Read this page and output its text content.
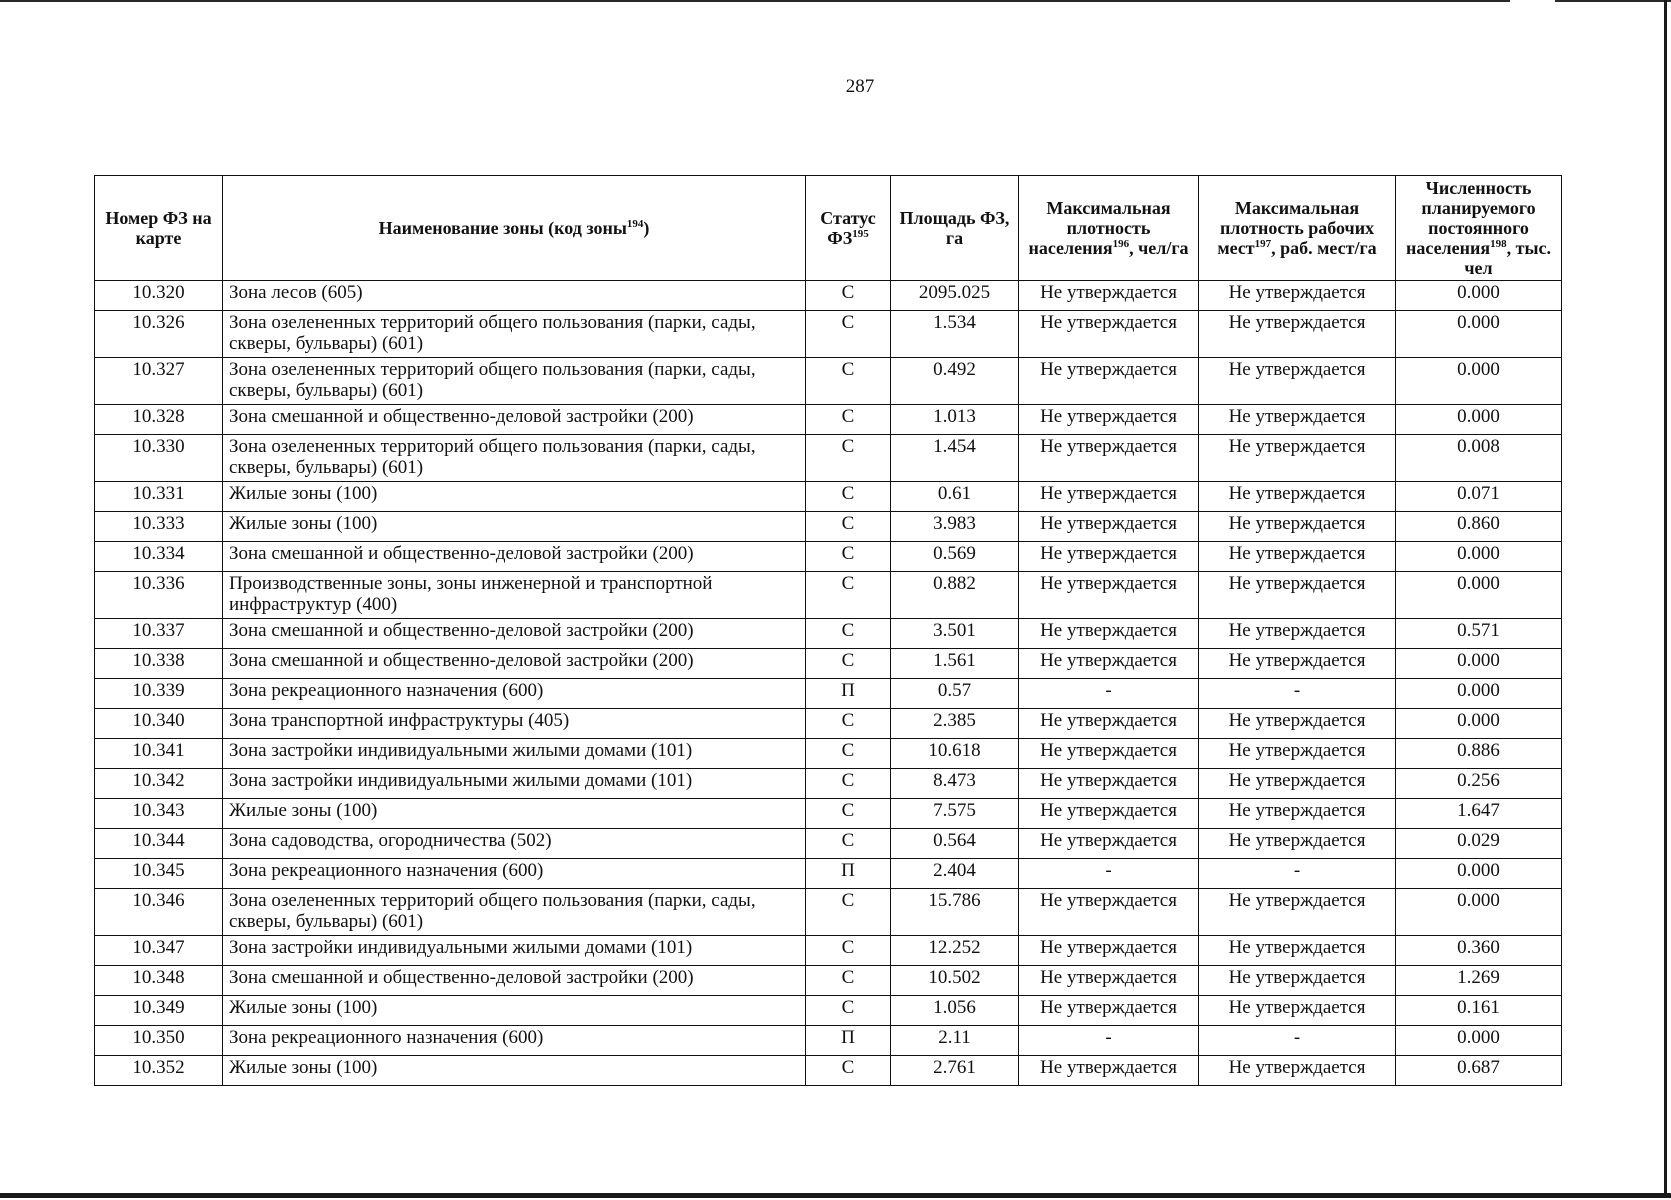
287
Номер ФЗ на карте	Наименование зоны (код зоны$^{194}$)	Статус ФЗ$^{195}$	Площадь ФЗ, га	Максимальная плотность населения$^{196}$, чел/га	Максимальная плотность рабочих мест$^{197}$, раб. мест/га	Численность планируемого постоянного населения$^{198}$, тыс. чел
10.320	Зона лесов (605)	С	2095.025	Не утверждается	Не утверждается	0.000
10.326	Зона озелененных территорий общего пользования (парки, сады, скверы, бульвары) (601)	С	1.534	Не утверждается	Не утверждается	0.000
10.327	Зона озелененных территорий общего пользования (парки, сады, скверы, бульвары) (601)	С	0.492	Не утверждается	Не утверждается	0.000
10.328	Зона смешанной и общественно-деловой застройки (200)	С	1.013	Не утверждается	Не утверждается	0.000
10.330	Зона озелененных территорий общего пользования (парки, сады, скверы, бульвары) (601)	С	1.454	Не утверждается	Не утверждается	0.008
10.331	Жилые зоны (100)	С	0.61	Не утверждается	Не утверждается	0.071
10.333	Жилые зоны (100)	С	3.983	Не утверждается	Не утверждается	0.860
10.334	Зона смешанной и общественно-деловой застройки (200)	С	0.569	Не утверждается	Не утверждается	0.000
10.336	Производственные зоны, зоны инженерной и транспортной инфраструктур (400)	С	0.882	Не утверждается	Не утверждается	0.000
10.337	Зона смешанной и общественно-деловой застройки (200)	С	3.501	Не утверждается	Не утверждается	0.571
10.338	Зона смешанной и общественно-деловой застройки (200)	С	1.561	Не утверждается	Не утверждается	0.000
10.339	Зона рекреационного назначения (600)	П	0.57	-	-	0.000
10.340	Зона транспортной инфраструктуры (405)	С	2.385	Не утверждается	Не утверждается	0.000
10.341	Зона застройки индивидуальными жилыми домами (101)	С	10.618	Не утверждается	Не утверждается	0.886
10.342	Зона застройки индивидуальными жилыми домами (101)	С	8.473	Не утверждается	Не утверждается	0.256
10.343	Жилые зоны (100)	С	7.575	Не утверждается	Не утверждается	1.647
10.344	Зона садоводства, огородничества (502)	С	0.564	Не утверждается	Не утверждается	0.029
10.345	Зона рекреационного назначения (600)	П	2.404	-	-	0.000
10.346	Зона озелененных территорий общего пользования (парки, сады, скверы, бульвары) (601)	С	15.786	Не утверждается	Не утверждается	0.000
10.347	Зона застройки индивидуальными жилыми домами (101)	С	12.252	Не утверждается	Не утверждается	0.360
10.348	Зона смешанной и общественно-деловой застройки (200)	С	10.502	Не утверждается	Не утверждается	1.269
10.349	Жилые зоны (100)	С	1.056	Не утверждается	Не утверждается	0.161
10.350	Зона рекреационного назначения (600)	П	2.11	-	-	0.000
10.352	Жилые зоны (100)	С	2.761	Не утверждается	Не утверждается	0.687
